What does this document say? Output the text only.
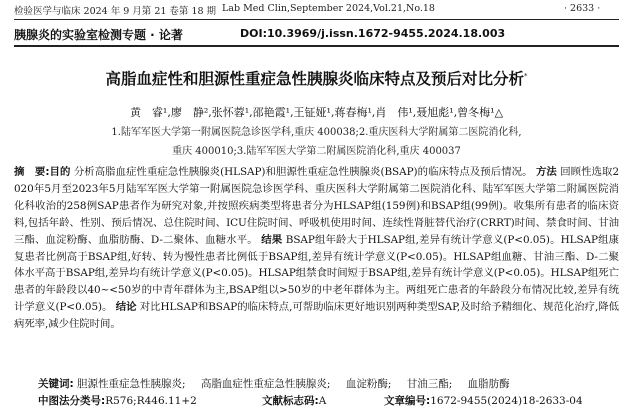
检验医学与临床 2024 年 9 月第 21 卷第 18 期 Lab Med Clin,September 2024,Vol.21,No.18	· 2633 ·
胰腺炎的实验室检测专题 · 论著	DOI:10.3969/j.issn.1672-9455.2024.18.003
高脂血症性和胆源性重症急性胰腺炎临床特点及预后对比分析*
黄　睿¹,廖　静²,张怀蓉¹,邵艳霞¹,王钲娅¹,蒋春梅¹,肖　伟¹,聂旭彪¹,曾冬梅¹△
1.陆军军医大学第一附属医院急诊医学科,重庆 400038;2.重庆医科大学附属第二医院消化科,
重庆 400010;3.陆军军医大学第二附属医院消化科,重庆 400037
摘　要:目的 分析高脂血症性重症急性胰腺炎(HLSAP)和胆源性重症急性胰腺炎(BSAP)的临床特点及预后情况。 方法 回顾性选取2020年5月至2023年5月陆军军医大学第一附属医院急诊医学科、重庆医科大学附属第二医院消化科、陆军军医大学第二附属医院消化科收治的258例SAP患者作为研究对象,并按照疾病类型将患者分为HLSAP组(159例)和BSAP组(99例)。收集所有患者的临床资料,包括年龄、性别、预后情况、总住院时间、ICU住院时间、呼吸机使用时间、连续性肾脏替代治疗(CRRT)时间、禁食时间、甘油三酯、血淀粉酶、血脂肪酶、D-二聚体、血糖水平。 结果 BSAP组年龄大于HLSAP组,差异有统计学意义(P<0.05)。HLSAP组康复患者比例高于BSAP组,好转、转为慢性患者比例低于BSAP组,差异有统计学意义(P<0.05)。HLSAP组血糖、甘油三酯、D-二聚体水平高于BSAP组,差异均有统计学意义(P<0.05)。HLSAP组禁食时间短于BSAP组,差异有统计学意义(P<0.05)。HLSAP组死亡患者的年龄段以40~<50岁的中青年群体为主,BSAP组以>50岁的中老年群体为主。两组死亡患者的年龄段分布情况比较,差异有统计学意义(P<0.05)。 结论 对比HLSAP和BSAP的临床特点,可帮助临床更好地识别两种类型SAP,及时给予精细化、规范化治疗,降低病死率,减少住院时间。
关键词: 胆源性重症急性胰腺炎; 高脂血症性重症急性胰腺炎; 血淀粉酶; 甘油三酯; 血脂肪酶
中图法分类号:R576;R446.11+2	文献标志码:A	文章编号:1672-9455(2024)18-2633-04
